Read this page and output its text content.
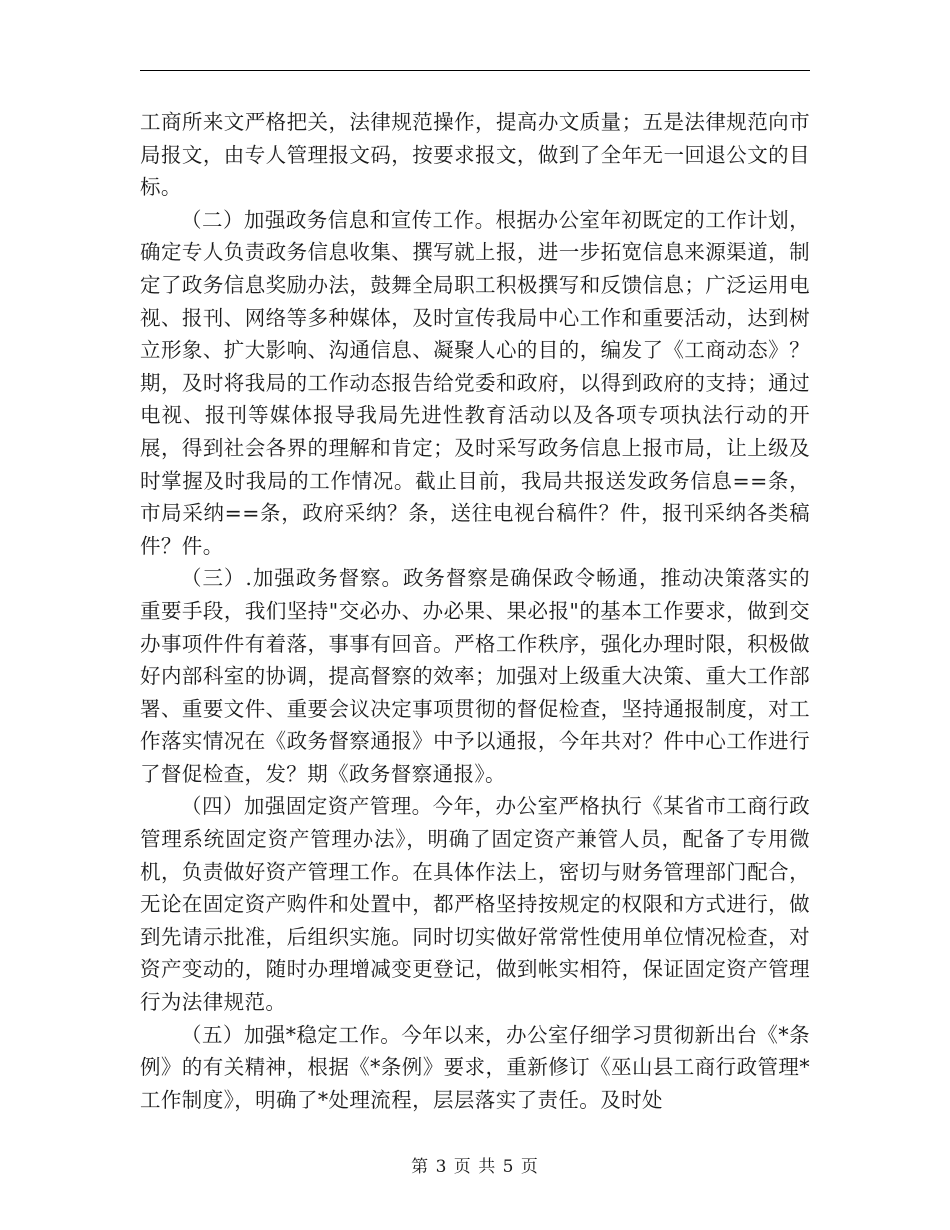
工商所来文严格把关，法律规范操作，提高办文质量；五是法律规范向市局报文，由专人管理报文码，按要求报文，做到了全年无一回退公文的目标。

（二）加强政务信息和宣传工作。根据办公室年初既定的工作计划，确定专人负责政务信息收集、撰写就上报，进一步拓宽信息来源渠道，制定了政务信息奖励办法，鼓舞全局职工积极撰写和反馈信息；广泛运用电视、报刊、网络等多种媒体，及时宣传我局中心工作和重要活动，达到树立形象、扩大影响、沟通信息、凝聚人心的目的，编发了《工商动态》？期，及时将我局的工作动态报告给党委和政府，以得到政府的支持；通过电视、报刊等媒体报导我局先进性教育活动以及各项专项执法行动的开展，得到社会各界的理解和肯定；及时采写政务信息上报市局，让上级及时掌握及时我局的工作情况。截止目前，我局共报送发政务信息==条，市局采纳==条，政府采纳？条，送往电视台稿件？件，报刊采纳各类稿件？件。

（三）.加强政务督察。政务督察是确保政令畅通，推动决策落实的重要手段，我们坚持"交必办、办必果、果必报"的基本工作要求，做到交办事项件件有着落，事事有回音。严格工作秩序，强化办理时限，积极做好内部科室的协调，提高督察的效率；加强对上级重大决策、重大工作部署、重要文件、重要会议决定事项贯彻的督促检查，坚持通报制度，对工作落实情况在《政务督察通报》中予以通报，今年共对？件中心工作进行了督促检查，发？期《政务督察通报》。

（四）加强固定资产管理。今年，办公室严格执行《某省市工商行政管理系统固定资产管理办法》，明确了固定资产兼管人员，配备了专用微机，负责做好资产管理工作。在具体作法上，密切与财务管理部门配合，无论在固定资产购件和处置中，都严格坚持按规定的权限和方式进行，做到先请示批准，后组织实施。同时切实做好常常性使用单位情况检查，对资产变动的，随时办理增减变更登记，做到帐实相符，保证固定资产管理行为法律规范。

（五）加强*稳定工作。今年以来，办公室仔细学习贯彻新出台《*条例》的有关精神，根据《*条例》要求，重新修订《巫山县工商行政管理*工作制度》，明确了*处理流程，层层落实了责任。及时处

第 3 页 共 5 页
